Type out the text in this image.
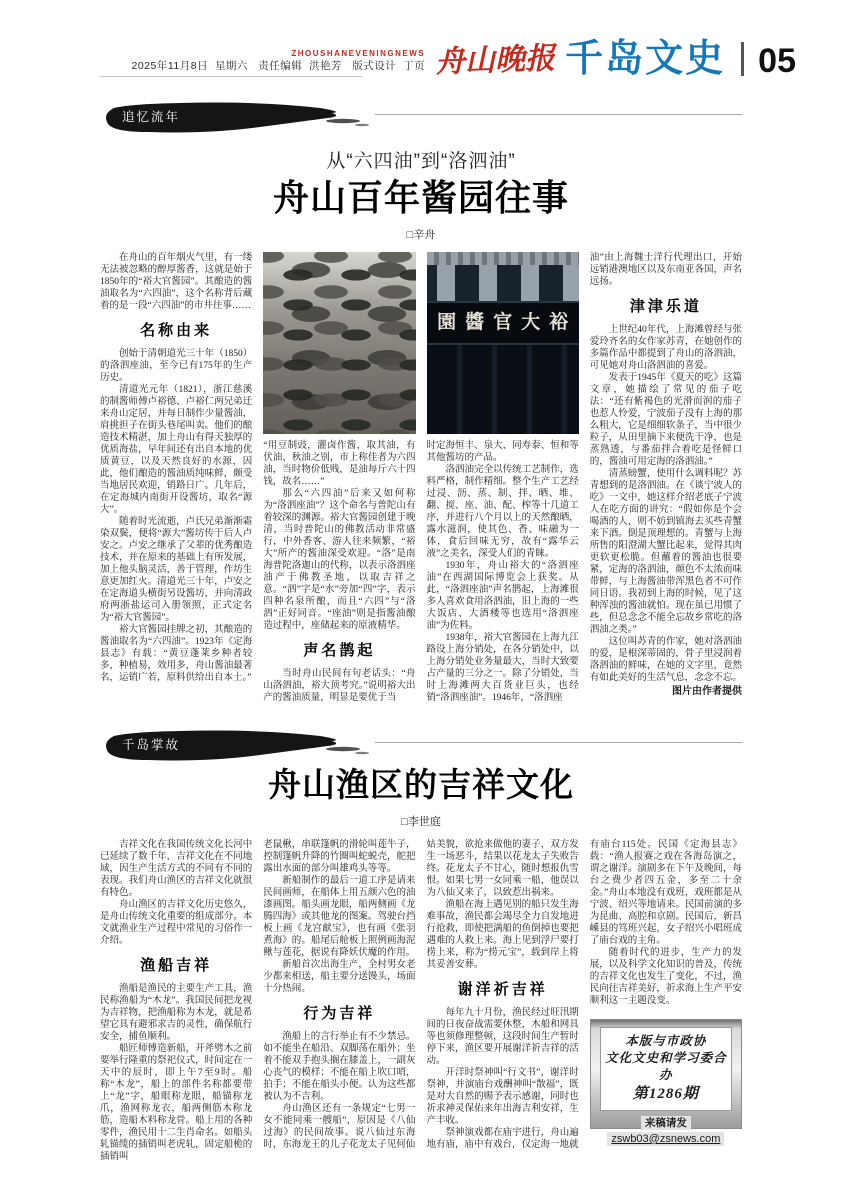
ZHOUSHANEVENINGNEWS
2025年11月8日 星期六 责任编辑 洪艳芳 版式设计 丁页 舟山晚报 千岛文史 05
追忆流年
从“六四油”到“洛泗油”
舟山百年酱园往事
□辛舟

在舟山的百年烟火气里，有一缕无法被忽略的醇厚酱香，这就是始于1850年的“裕大官酱园”。其酿造的酱油取名为“六四油”，这个名称背后藏着的是一段“六四油”的市井往事……

名称由来

创始于清朝道光三十年（1850）的洛泗座油，至今已有175年的生产历史。

清道光元年（1821），浙江慈溪的制酱师傅卢裕德、卢裕仁两兄弟迁来舟山定居，并每日制作少量酱油，肩挑担子在街头巷尾叫卖。他们的酿造技术精湛，加上舟山有得天独厚的优质海盐，早年间还有出自本地的优质黄豆，以及天然良好的水源，因此，他们酿造的酱油质纯味鲜，颇受当地居民欢迎，销路日广。几年后，在定海城内南街开设酱坊，取名“源大”。

随着时光流逝，卢氏兄弟渐渐霜染双鬓，便将“源大”酱坊传于后人卢安之。卢安之继承了父辈的优秀酿造技术，并在原来的基础上有所发展，加上他头脑灵活，善于管理，作坊生意更加红火。清道光三十年，卢安之在定海道头横街另设酱坊，并向清政府两浙盐运司入册领照，正式定名为“裕大官酱园”。

裕大官酱园挂牌之初，其酿造的酱油取名为“六四油”。1923年《定海县志》有载：“黄豆蓬莱乡种者较多，种植易，效用多，舟山酱油最著名，运销广若，原料供给出自本土。”

“用豆制豉，灌卤作酱，取其油，有伏油、秋油之别，市上称佳者为六四油，当时物价低贱，是油每斤六十四钱，故名……”

那么“六四油”后来又如何称为“洛泗座油”？这个命名与普陀山有着较深的渊源。裕大官酱园创建于晚清，当时普陀山的佛教活动非常盛行，中外香客、游人往来频繁，“裕大”所产的酱油深受欢迎。“洛”是南海普陀洛迦山的代称，以表示洛泗座油产于佛教圣地，以取吉祥之意。“泗”字是“水”旁加“四”字，表示四种名泉所酿，而且“六四”与“洛泗”正好同音。“座油”则是指酱油酿造过程中，座储起来的原液精华。

声名鹊起

当时舟山民间有句老话头：“舟山洛泗油，裕大顶考究。”说明裕大出产的酱油质量，明显是要优于当

園醬官大裕

时定海恒丰、泉大、同寿泰、恒和等其他酱坊的产品。

洛泗油完全以传统工艺制作，选料严格，制作精细。整个生产工艺经过浸、沥、蒸、制、拌、晒、堆、翻、搅、座、油、配、榨等十几道工序，并进行八个月以上的天然酿晒，露水滋润，使其色、香、味融为一体，食后回味无穷，故有“露华云液”之美名，深受人们的青睐。

1930年，舟山裕大的“洛泗座油”在西湖国际博览会上获奖。从此，“洛泗座油”声名鹊起，上海滩很多人喜欢食用洛泗油，旧上海的一些大饭店、大酒楼等也选用“洛泗座油”为佐料。

1938年，裕大官酱园在上海九江路设上海分销处，在各分销处中，以上海分销处业务量最大，当时大致要占产量的三分之一。除了分销处，当时上海滩两大百货业巨头，也经销“洛泗座油”。1946年，“洛泗座

油”由上海魏士洋行代理出口，开始远销港澳地区以及东南亚各国，声名远扬。

津津乐道

上世纪40年代，上海滩曾经与张爱玲齐名的女作家苏青，在她创作的多篇作品中都提到了舟山的洛泗油，可见她对舟山洛泗油的喜爱。

发表于1945年《夏天的吃》这篇文章，她描绘了常见的茄子吃法：“还有紫褐色的光滑而润的茄子也惹人怜爱，宁波茄子没有上海的那么粗大，它是细细软条子，当中很少粒子，从田里摘下来便洗干净，也是蒸熟透，与番茄拌合着吃是怪鲜口的，酱油可用定海的洛泗油。”

清蒸螃蟹，使用什么调料呢？苏青想到的是洛泗油。在《谈宁波人的吃》一文中，她这样介绍老底子宁波人在吃方面的讲究：“假如你是个会喝酒的人，则不妨到镇海去买些青蟹来下酒。倒是顶理想的。青蟹与上海所售的阳澄湖大蟹比起来，觉得其肉更软更松脆。但蘸着的酱油也很要紧，定海的洛泗油，颜色不太浓而味带鲜，与上海酱油带浑黑色者不可作同日语。我初到上海的时候，见了这种浑浊的酱油就怕。现在虽已用惯了些，但总念念不能全忘故乡常吃的洛泗油之类。”

这位叫苏青的作家，她对洛泗油的爱，是根深蒂固的，骨子里浸润着洛泗油的鲜味，在她的文字里，竟然有如此美好的生活气息，念念不忘。

图片由作者提供

千岛掌故
舟山渔区的吉祥文化
□李世庭

吉祥文化在我国传统文化长河中已延续了数千年，吉祥文化在不同地域，因生产生活方式的不同有不同的表现。我们舟山渔区的吉祥文化就很有特色。

舟山渔区的吉祥文化历史悠久，是舟山传统文化重要的组成部分。本文就渔业生产过程中常见的习俗作一介绍。

渔船吉祥

渔船是渔民的主要生产工具，渔民称渔船为“木龙”。我国民间把龙视为吉祥物，把渔船称为木龙，就是希望它具有避邪求吉的灵性，确保航行安全，捕鱼顺利。

船匠师傅造新船，开斧劈木之前要举行隆重的祭祀仪式，时间定在一天中的辰时，即上午7至9时。船称“木龙”，船上的部件名称都要带上“龙”字，船眼称龙眼，船锚称龙爪，渔网称龙衣，船两侧筋木称龙筋，造船木料称龙骨。船上用的各种零件，渔民用十二生肖命名。如船头轧锚缆的插销叫老虎轧，固定船桅的插销叫

老鼠楸，串联篷帆的滑轮叫莲牛子，控制篷帆升降的竹圈叫蛇蜕壳，舵把露出水面的部分叫雄鸡头等等。

新船制作的最后一道工序是请来民间画师，在船体上用五颜六色的油漆画图。船头画龙眼，船两侧画《龙腾四海》或其他龙的图案。驾驶台挡板上画《龙宫献宝》，也有画《张羽煮海》的。船尾后舱板上照例画海泥鳅与莲花，据说有降妖伏魔的作用。

新船首次出海生产，全村男女老少都来相送，船主要分送馒头，场面十分热闹。

行为吉祥

渔船上的言行举止有不少禁忌。如不能坐在船沿、双脚荡在船外；坐着不能双手抱头搁在膝盖上，一副灰心丧气的模样；不能在船上吹口哨，拍手；不能在船头小便。认为这些都被认为不吉利。

舟山渔区还有一条规定“七男一女不能同乘一艘船”，原因是《八仙过海》的民间故事。说八仙过东海时，东海龙王的儿子花龙太子见何仙

姑美貌，欲抢来做他的妻子，双方发生一场恶斗，结果以花龙太子失败告终。花龙太子不甘心，随时想报仇雪恨。如果七男一女同乘一船，他误以为八仙又来了，以致惹出祸来。

渔船在海上遇见别的船只发生海难事故，渔民都会竭尽全力自发地进行抢救，即使把满船的鱼倒掉也要把遇难的人救上来。海上见到浮尸要打捞上来，称为“捞元宝”，载到岸上将其妥善安葬。

谢洋祈吉祥

每年九十月份，渔民经过旺汛期间的日夜奋战需要休整，木船和网具等也须修理整顿，这段时间生产暂时停下来，渔区要开展谢洋祈吉祥的活动。

开洋时祭神叫“行文书”，谢洋时祭神，并演庙台戏酬神叫“散福”，既是对大自然的赐予表示感谢，同时也祈求神灵保佑来年出海吉利安祥，生产丰收。

祭神演戏都在庙宇进行，舟山遍地有庙，庙中有戏台，仅定海一地就

有庙台115处。民国《定海县志》载：“渔人报赛之戏在各海岛演之，谓之谢洋。演剧多在下午及晚间，每台之费少者四五金，多至二十余金。”舟山本地没有戏班，戏班都是从宁波、绍兴等地请来。民国前演的多为昆曲、高腔和京剧。民国后，新昌嵊县的笃班兴起，女子绍兴小唱班成了庙台戏的主角。

随着时代的进步，生产力的发展，以及科学文化知识的普及，传统的吉祥文化也发生了变化，不过，渔民向往吉祥美好，祈求海上生产平安顺利这一主题没变。

本版与市政协
文化文史和学习委合办
第1286期
来稿请发
zswb03@zsnews.com
